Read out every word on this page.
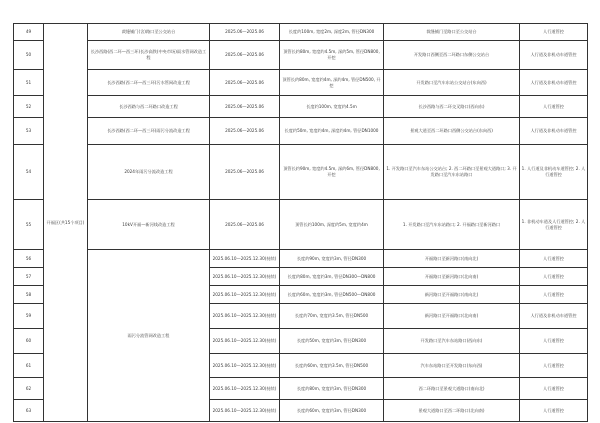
49	开福区(共15个项目)	裁缝铺门(含)路口至公交站台	2025.06—2025.06	长度约100m, 宽度2m, 深度2m, 管径DN300	裁缝铺门至路口至公交站台	人行道管控
50		长沙西路(西二环—西三环)长沙高铁(中央市场)雨水管网改造工程	2025.06—2025.06	顶管长约80m, 宽度约4.5m, 深约5m, 管径DN800, 开挖	开发路口西侧至西二环路口东侧公交站台	人行道及非机动车道管控
51		长沙西路(西二环—西三环)污水管网改造工程	2025.06—2025.06	顶管长约80m, 宽度约4m, 深约4m, 管径DN500, 开挖	开发路口至汽车东站公交站台(东向西)	人行道及非机动车道管控
52		长沙西路与西二环路口改造工程	2025.06—2025.06	长度约100m, 宽度约4.5m	长沙西路与西二环交叉路口(西向东)	人行道管控
53		长沙西路(西二环—西三环)雨污分流改造工程	2025.06—2025.06	长度约50m, 宽度约4m, 深度约4m, 管径DN1000	景观大道至西二环路口西侧公交站台(东向西)	人行道及非机动车道管控
54		2024年雨污分流改造工程	2025.06—2025.06	顶管长约90m, 宽度约4.5m, 深约6m, 管径DN800, 开挖	1. 开发路口至汽车东站公交站台; 2. 西二环路口至景观大道路口; 3. 开发路口至汽车东站路口	1. 人行道及非机动车道管控; 2. 人行道管控
55		10kV开福—新河线改造工程	2025.06—2025.06	顶管长约100m, 深度约5m, 宽度约4m	1. 开发路口至汽车东站路口; 2. 开福路口至新河路口	1. 非机动车道及人行道管控; 2. 人行道管控
56		雨污分流管网改造工程	2025.06.10—2025.12.30(持续)	长度约90m, 宽度约3m, 管径DN300	开福路口至新河路口(南向北)	人行道管控
57			2025.06.10—2025.12.30(持续)	长度约80m, 宽度约3m, 管径DN300—DN800	开福路口至新河路口(北向南)	人行道管控
58			2025.06.10—2025.12.30(持续)	长度约60m, 宽度约3m, 管径DN500—DN800	新河路口至开福路口(南向北)	人行道管控
59			2025.06.10—2025.12.30(持续)	长度约70m, 宽度约3.5m, 管径DN500	新河路口至开福路口(北向南)	人行道及非机动车道管控
60			2025.06.10—2025.12.30(持续)	长度约50m, 宽度约3m, 管径DN300	开发路口至汽车东站路口(西向东)	人行道管控
61			2025.06.10—2025.12.30(持续)	长度约60m, 宽度约3.5m, 管径DN500	汽车东站路口至开发路口(东向西)	人行道管控
62			2025.06.10—2025.12.30(持续)	长度约80m, 宽度约3m, 管径DN300	西二环路口至景观大道路口(南向北)	人行道管控
63			2025.06.10—2025.12.30(持续)	长度约60m, 宽度约3m, 管径DN300	景观大道路口至西二环路口(北向南)	人行道管控
